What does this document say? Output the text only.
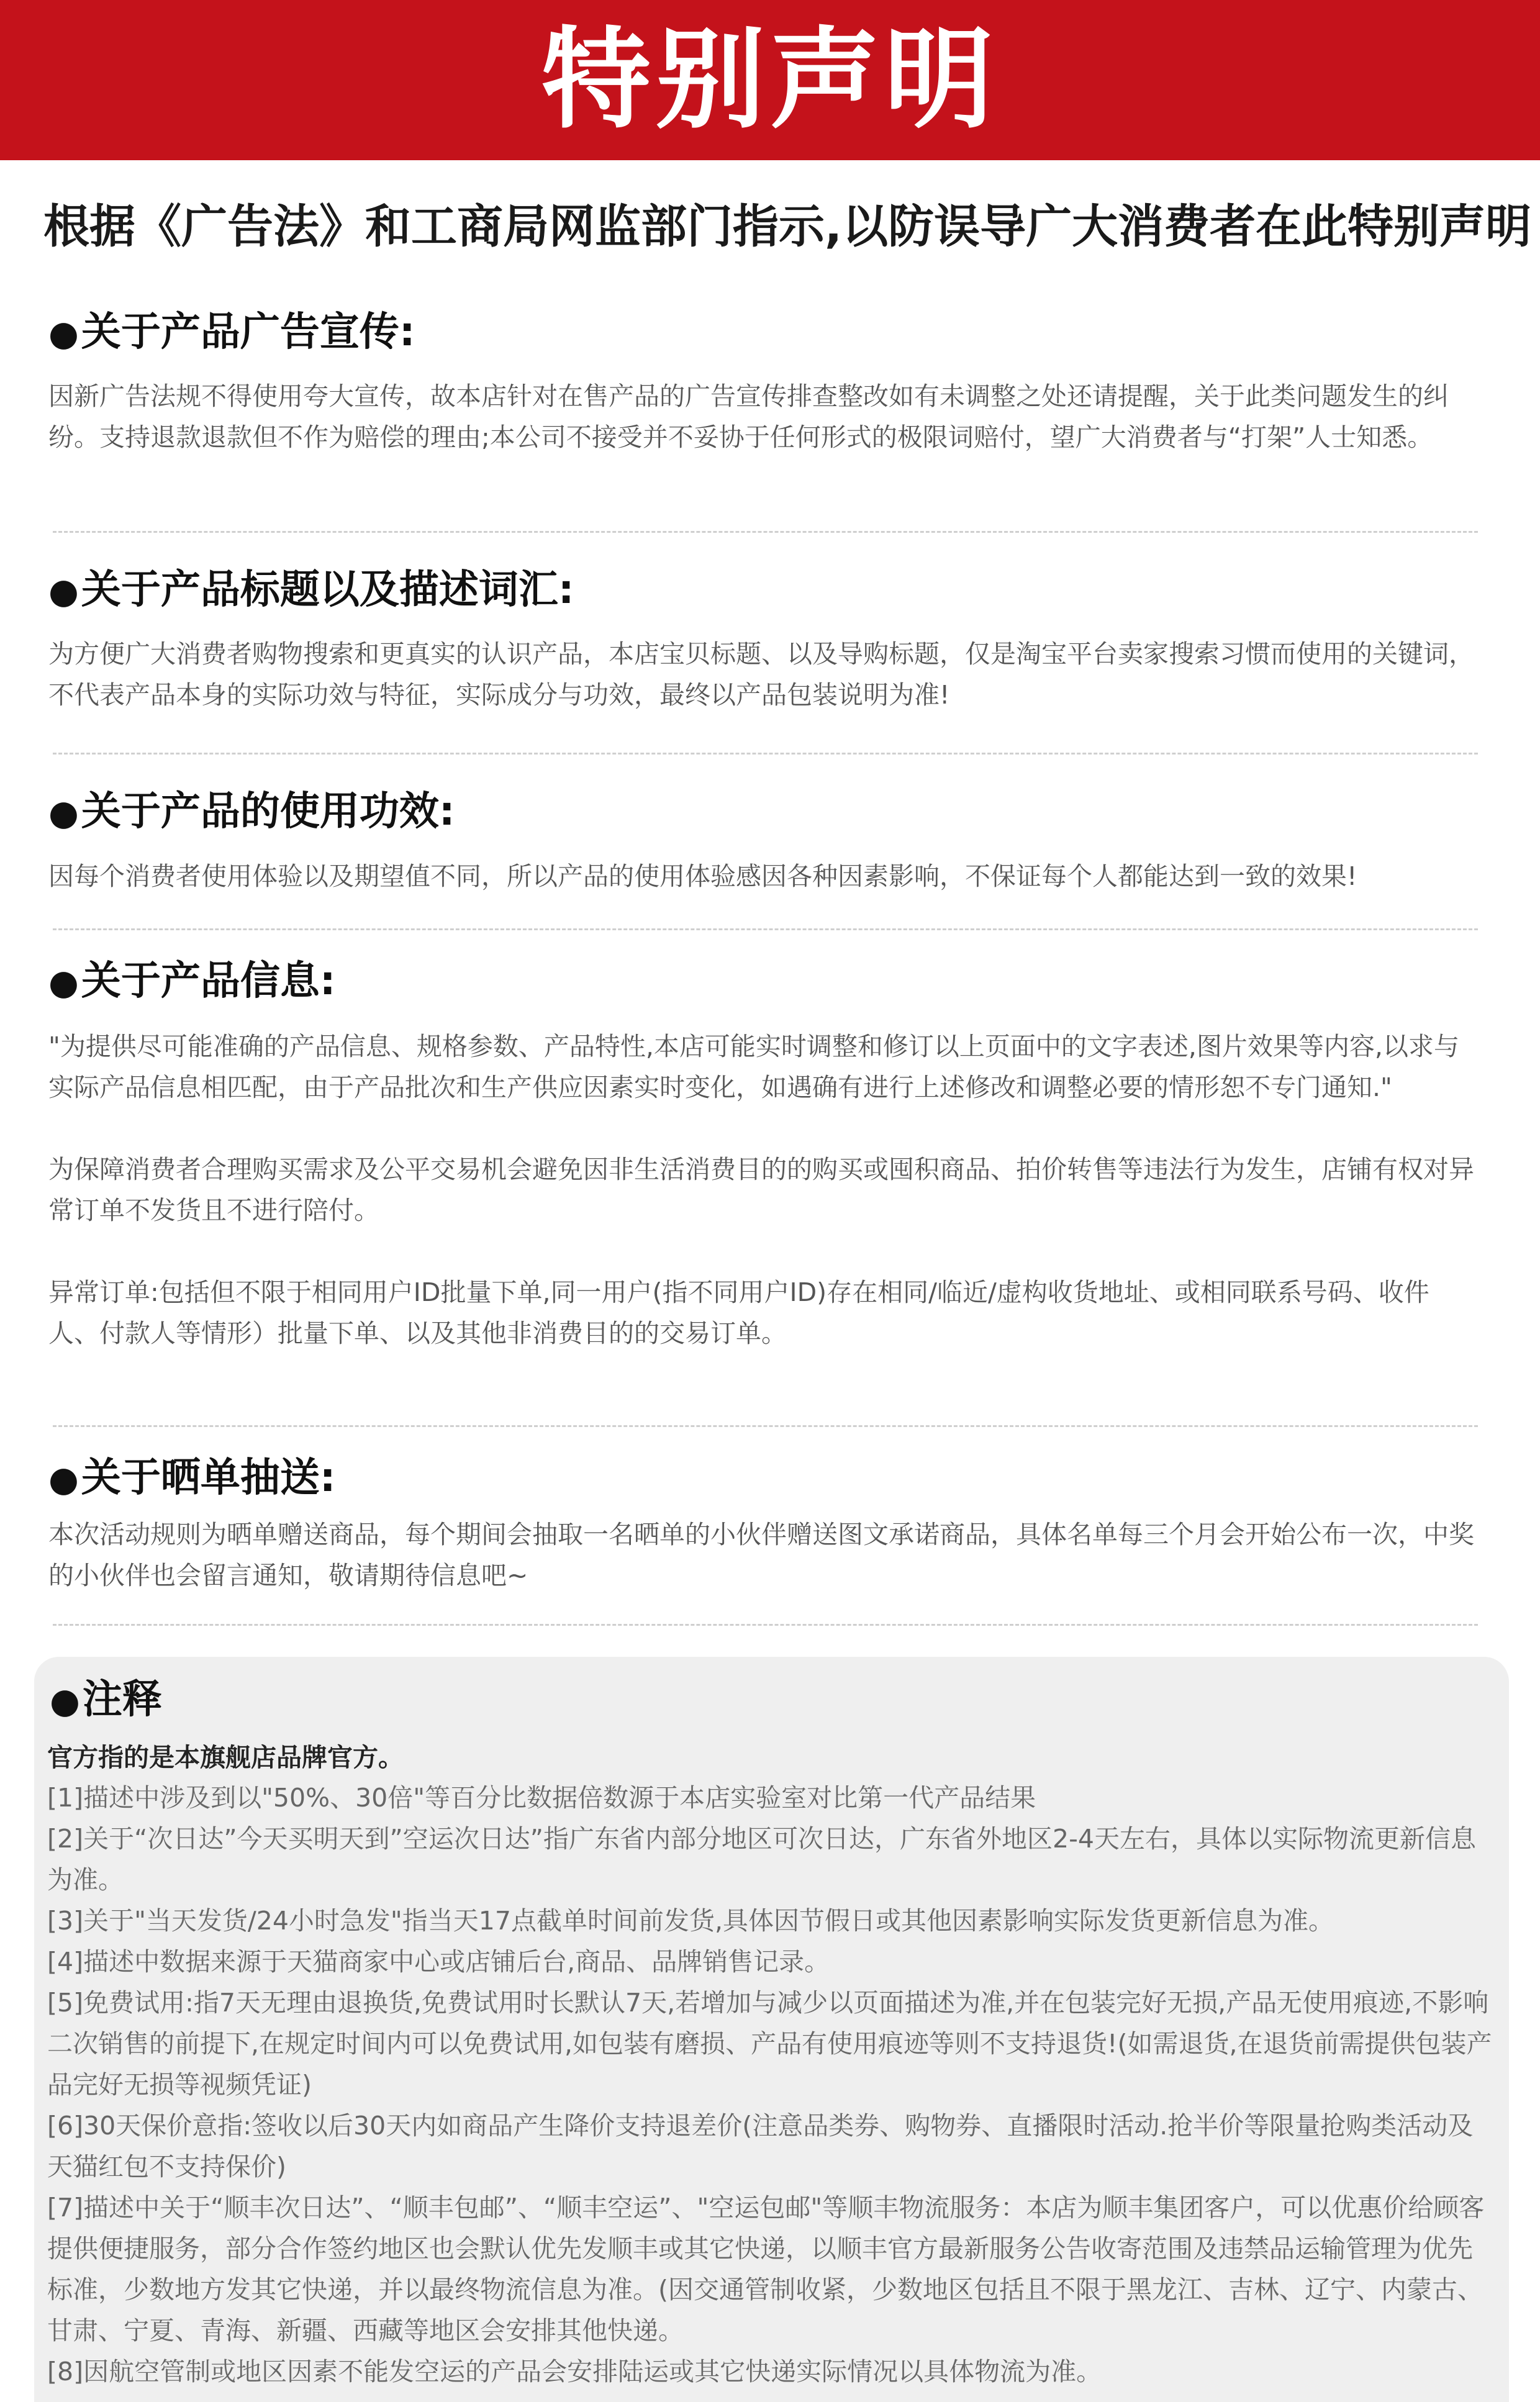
特别声明
根据《广告法》和工商局网监部门指示,以防误导广大消费者在此特别声明
●关于产品广告宣传:

因新广告法规不得使用夸大宣传，故本店针对在售产品的广告宣传排查整改如有未调整之处还请提醒，关于此类问题发生的纠纷。支持退款退款但不作为赔偿的理由;本公司不接受并不妥协于任何形式的极限词赔付，望广大消费者与“打架”人士知悉。

●关于产品标题以及描述词汇:

为方便广大消费者购物搜索和更真实的认识产品，本店宝贝标题、以及导购标题，仅是淘宝平台卖家搜索习惯而使用的关键词，不代表产品本身的实际功效与特征，实际成分与功效，最终以产品包装说明为准!

●关于产品的使用功效:

因每个消费者使用体验以及期望值不同，所以产品的使用体验感因各种因素影响，不保证每个人都能达到一致的效果!

●关于产品信息:

"为提供尽可能准确的产品信息、规格参数、产品特性,本店可能实时调整和修订以上页面中的文字表述,图片效果等内容,以求与实际产品信息相匹配，由于产品批次和生产供应因素实时变化，如遇确有进行上述修改和调整必要的情形恕不专门通知."

为保障消费者合理购买需求及公平交易机会避免因非生活消费目的的购买或囤积商品、拍价转售等违法行为发生，店铺有权对异常订单不发货且不进行陪付。

异常订单:包括但不限于相同用户ID批量下单,同一用户(指不同用户ID)存在相同/临近/虚构收货地址、或相同联系号码、收件人、付款人等情形）批量下单、以及其他非消费目的的交易订单。

●关于晒单抽送:

本次活动规则为晒单赠送商品，每个期间会抽取一名晒单的小伙伴赠送图文承诺商品，具体名单每三个月会开始公布一次，中奖的小伙伴也会留言通知，敬请期待信息吧~

●注释
官方指的是本旗舰店品牌官方。

[1]描述中涉及到以"50%、30倍"等百分比数据倍数源于本店实验室对比第一代产品结果

[2]关于“次日达”今天买明天到”空运次日达”指广东省内部分地区可次日达，广东省外地区2-4天左右，具体以实际物流更新信息为准。

[3]关于"当天发货/24小时急发"指当天17点截单时间前发货,具体因节假日或其他因素影响实际发货更新信息为准。

[4]描述中数据来源于天猫商家中心或店铺后台,商品、品牌销售记录。

[5]免费试用:指7天无理由退换货,免费试用时长默认7天,若增加与减少以页面描述为准,并在包装完好无损,产品无使用痕迹,不影响二次销售的前提下,在规定时间内可以免费试用,如包装有磨损、产品有使用痕迹等则不支持退货!(如需退货,在退货前需提供包装产品完好无损等视频凭证)

[6]30天保价意指:签收以后30天内如商品产生降价支持退差价(注意品类券、购物券、直播限时活动.抢半价等限量抢购类活动及天猫红包不支持保价)

[7]描述中关于“顺丰次日达”、“顺丰包邮”、“顺丰空运”、"空运包邮"等顺丰物流服务：本店为顺丰集团客户，可以优惠价给顾客提供便捷服务，部分合作签约地区也会默认优先发顺丰或其它快递，以顺丰官方最新服务公告收寄范围及违禁品运输管理为优先标准，少数地方发其它快递，并以最终物流信息为准。(因交通管制收紧，少数地区包括且不限于黑龙江、吉林、辽宁、内蒙古、甘肃、宁夏、青海、新疆、西藏等地区会安排其他快递。

[8]因航空管制或地区因素不能发空运的产品会安排陆运或其它快递实际情况以具体物流为准。
